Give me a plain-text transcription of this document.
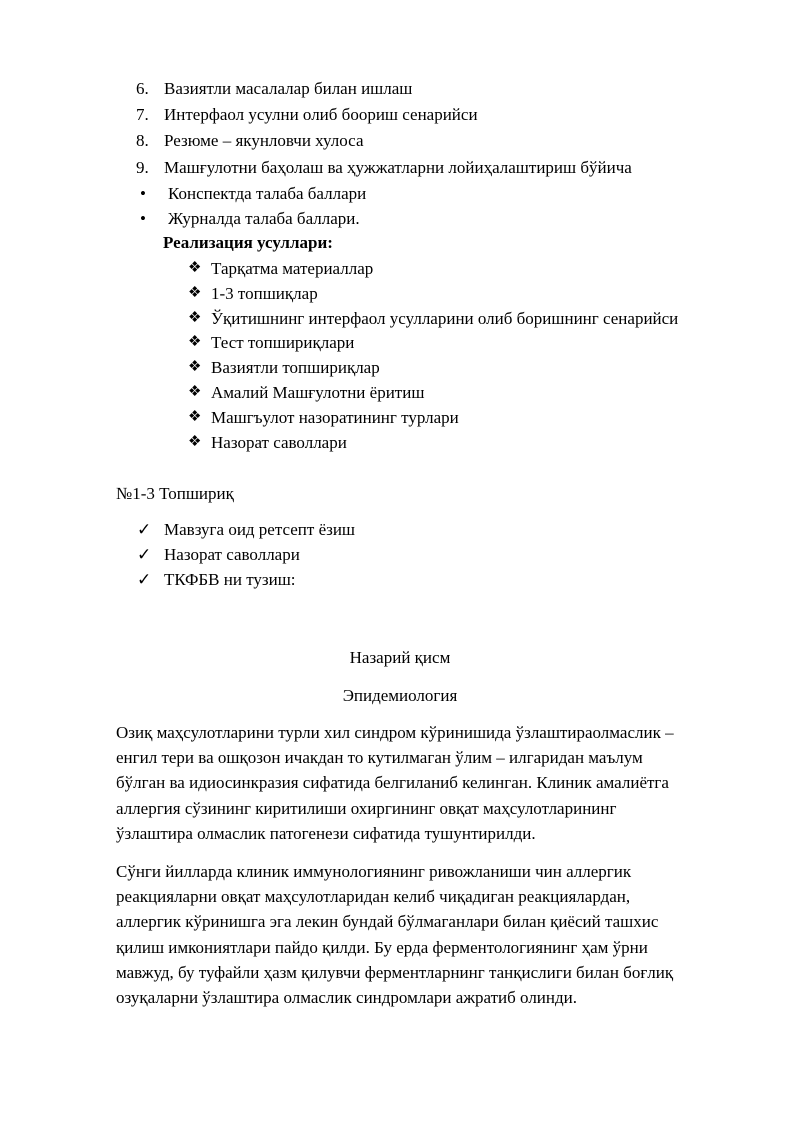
6. Вазиятли масалалар билан ишлаш
7. Интерфаол усулни олиб боориш сенарийси
8. Резюме – якунловчи хулоса
9. Машғулотни баҳолаш ва ҳужжатларни лойиҳалаштириш бўйича
•	Конспектда талаба баллари
•	Журналда талаба баллари.
Реализация усуллари:
❖ Тарқатма материаллар
❖ 1-3 топшиқлар
❖ Ўқитишнинг интерфаол усулларини олиб боришнинг сенарийси
❖ Тест топшириқлари
❖ Вазиятли топшириқлар
❖ Амалий Машғулотни ёритиш
❖ Машгъулот назоратининг турлари
❖ Назорат саволлари
№1-3 Топшириқ
✓ Мавзуга оид ретсепт ёзиш
✓ Назорат саволлари
✓ ТКФБВ ни тузиш:
Назарий қисм
Эпидемиология

Озиқ маҳсулотларини турли хил синдром кўринишида ўзлаштираолмаслик –
енгил тери ва ошқозон ичакдан то кутилмаган ўлим – илгаридан маълум
бўлган ва идиосинкразия сифатида белгиланиб келинган. Клиник амалиётга
аллергия сўзининг киритилиши охиргининг овқат маҳсулотларининг
ўзлаштира олмаслик патогенези сифатида тушунтирилди.

Сўнги йилларда клиник иммунологиянинг ривожланиши чин аллергик
реакцияларни овқат маҳсулотларидан келиб чиқадиган реакциялардан,
аллергик кўринишга эга лекин бундай бўлмаганлари билан қиёсий ташхис
қилиш имкониятлари пайдо қилди. Бу ерда ферментологиянинг ҳам ўрни
мавжуд, бу туфайли ҳазм қилувчи ферментларнинг танқислиги билан боғлиқ
озуқаларни ўзлаштира олмаслик синдромлари ажратиб олинди.
